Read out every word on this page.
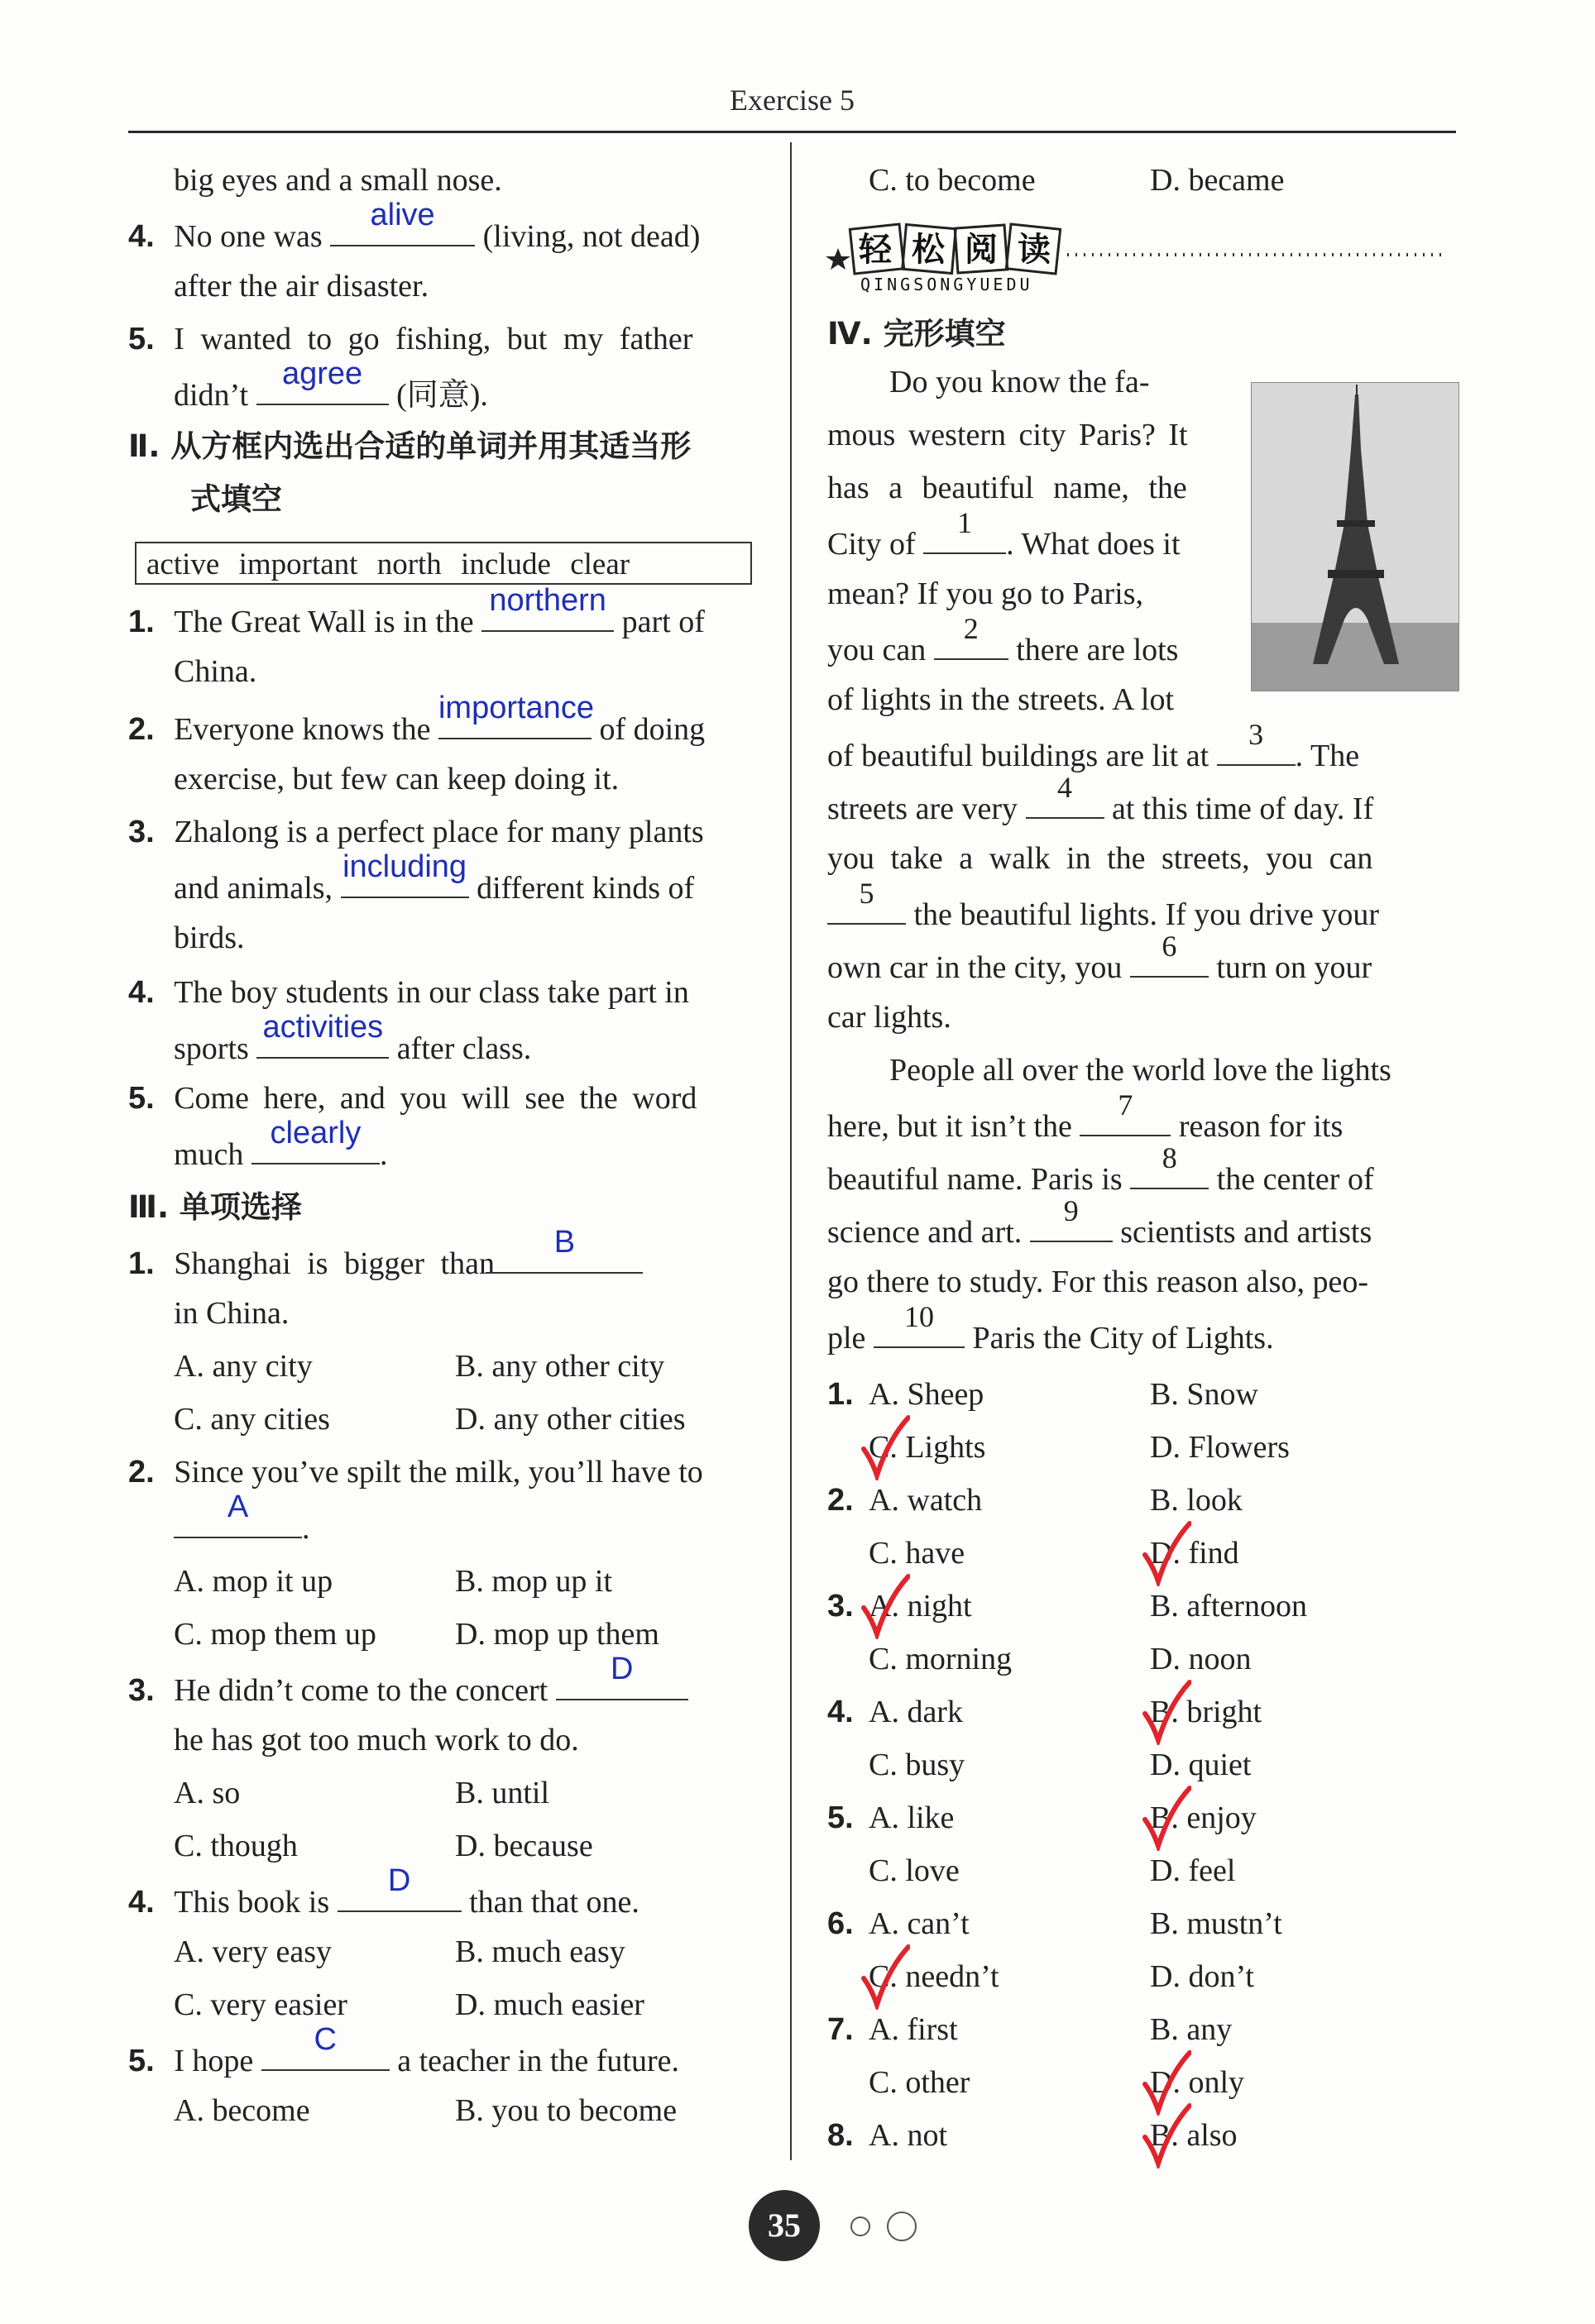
Exercise 5
big eyes and a small nose.
4. No one was
alive
(living, not dead)
after the air disaster.
5. I wanted to go fishing, but my father
didn’t
agree
(同意).
Ⅱ. 从方框内选出合适的单词并用其适当形
式填空
active important north include clear
1. The Great Wall is in the
northern
part of
China.
2. Everyone knows the
importance
of doing
exercise, but few can keep doing it.
3. Zhalong is a perfect place for many plants
and animals,
including
different kinds of
birds.
4. The boy students in our class take part in
sports
activities
after class.
5. Come here, and you will see the word
much
clearly
.
Ⅲ. 单项选择
1. Shanghai is bigger than
B
in China.
A. any city	B. any other city
C. any cities	D. any other cities
2. Since you’ve spilt the milk, you’ll have to
A
.
A. mop it up	B. mop up it
C. mop them up	D. mop up them
3. He didn’t come to the concert
D
he has got too much work to do.
A. so	B. until
C. though	D. because
4. This book is
D
than that one.
A. very easy	B. much easy
C. very easier	D. much easier
5. I hope
C
a teacher in the future.
A. become	B. you to become
C. to become	D. became
轻松阅读
QINGSONGYUEDU
Ⅳ. 完形填空
Do you know the fa-
mous western city Paris? It
has a beautiful name, the
City of
1
. What does it
mean? If you go to Paris,
you can
2
there are lots
of lights in the streets. A lot
of beautiful buildings are lit at
3
. The
streets are very
4
at this time of day. If
you take a walk in the streets, you can
5
the beautiful lights. If you drive your
own car in the city, you
6
turn on your
car lights.
People all over the world love the lights
here, but it isn’t the
7
reason for its
beautiful name. Paris is
8
the center of
science and art.
9
scientists and artists
go there to study. For this reason also, peo-
ple
10
Paris the City of Lights.
1. A. Sheep	B. Snow
C. Lights	D. Flowers
2. A. watch	B. look
C. have	D. find
3. A. night	B. afternoon
C. morning	D. noon
4. A. dark	B. bright
C. busy	D. quiet
5. A. like	B. enjoy
C. love	D. feel
6. A. can’t	B. mustn’t
C. needn’t	D. don’t
7. A. first	B. any
C. other	D. only
8. A. not	B. also
35
